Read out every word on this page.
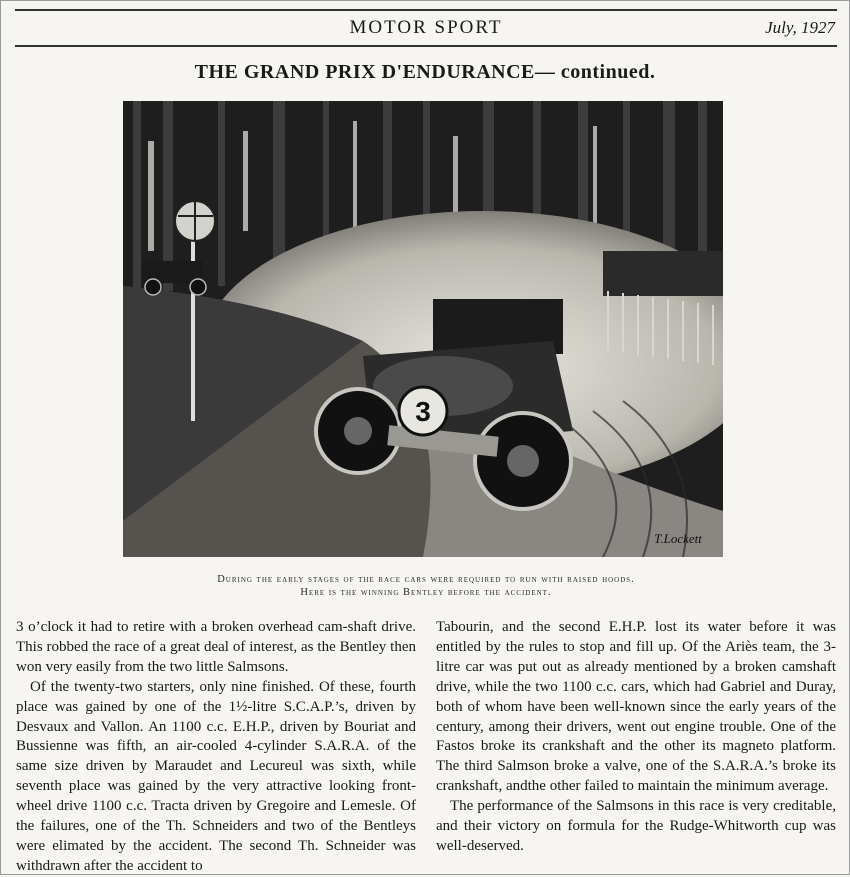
MOTOR SPORT	July, 1927
THE GRAND PRIX D'ENDURANCE— continued.
3
T.Lockett
During the early stages of the race cars were required to run with raised hoods.
Here is the winning Bentley before the accident.

3 o’clock it had to retire with a broken overhead cam-shaft drive. This robbed the race of a great deal of interest, as the Bentley then won very easily from the two little Salmsons.

Of the twenty-two starters, only nine finished. Of these, fourth place was gained by one of the 1½-litre S.C.A.P.’s, driven by Desvaux and Vallon. An 1100 c.c. E.H.P., driven by Bouriat and Bussienne was fifth, an air-cooled 4-cylinder S.A.R.A. of the same size driven by Maraudet and Lecureul was sixth, while seventh place was gained by the very attractive looking front-wheel drive 1100 c.c. Tracta driven by Gregoire and Lemesle. Of the failures, one of the Th. Schneiders and two of the Bentleys were elimated by the accident. The second Th. Schneider was withdrawn after the accident to

Tabourin, and the second E.H.P. lost its water before it was entitled by the rules to stop and fill up. Of the Ariès team, the 3-litre car was put out as already mentioned by a broken camshaft drive, while the two 1100 c.c. cars, which had Gabriel and Duray, both of whom have been well-known since the early years of the century, among their drivers, went out engine trouble. One of the Fastos broke its crankshaft and the other its magneto platform. The third Salmson broke a valve, one of the S.A.R.A.’s broke its crankshaft, andthe other failed to maintain the minimum average.

The performance of the Salmsons in this race is very creditable, and their victory on formula for the Rudge-Whitworth cup was well-deserved.
